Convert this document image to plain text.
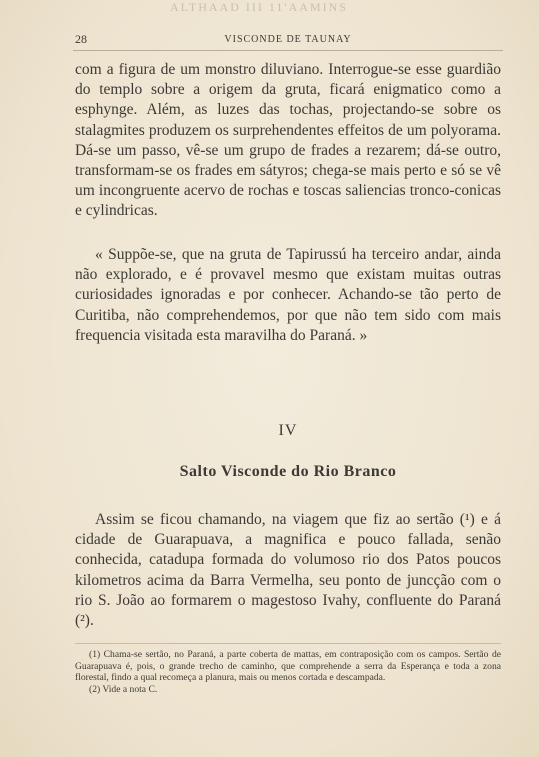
ALTHAAD III 11'AAMINS
28	VISCONDE DE TAUNAY

com a figura de um monstro diluviano. Interrogue-se esse guardião do templo sobre a origem da gruta, ficará enigmatico como a esphynge. Além, as luzes das tochas, projectando-se sobre os stalagmites produzem os surprehendentes effeitos de um polyorama. Dá-se um passo, vê-se um grupo de frades a rezarem; dá-se outro, transformam-se os frades em sátyros; chega-se mais perto e só se vê um incongruente acervo de rochas e toscas saliencias tronco-conicas e cylindricas.

« Suppõe-se, que na gruta de Tapirussú ha terceiro andar, ainda não explorado, e é provavel mesmo que existam muitas outras curiosidades ignoradas e por conhecer. Achando-se tão perto de Curitiba, não comprehendemos, por que não tem sido com mais frequencia visitada esta maravilha do Paraná. »

IV
Salto Visconde do Rio Branco

Assim se ficou chamando, na viagem que fiz ao sertão (¹) e á cidade de Guarapuava, a magnifica e pouco fallada, senão conhecida, catadupa formada do volumoso rio dos Patos poucos kilometros acima da Barra Vermelha, seu ponto de juncção com o rio S. João ao formarem o magestoso Ivahy, confluente do Paraná (²).

(1) Chama-se sertão, no Paraná, a parte coberta de mattas, em contraposição com os campos. Sertão de Guarapuava é, pois, o grande trecho de caminho, que comprehende a serra da Esperança e toda a zona florestal, findo a qual recomeça a planura, mais ou menos cortada e descampada.

(2) Vide a nota C.
